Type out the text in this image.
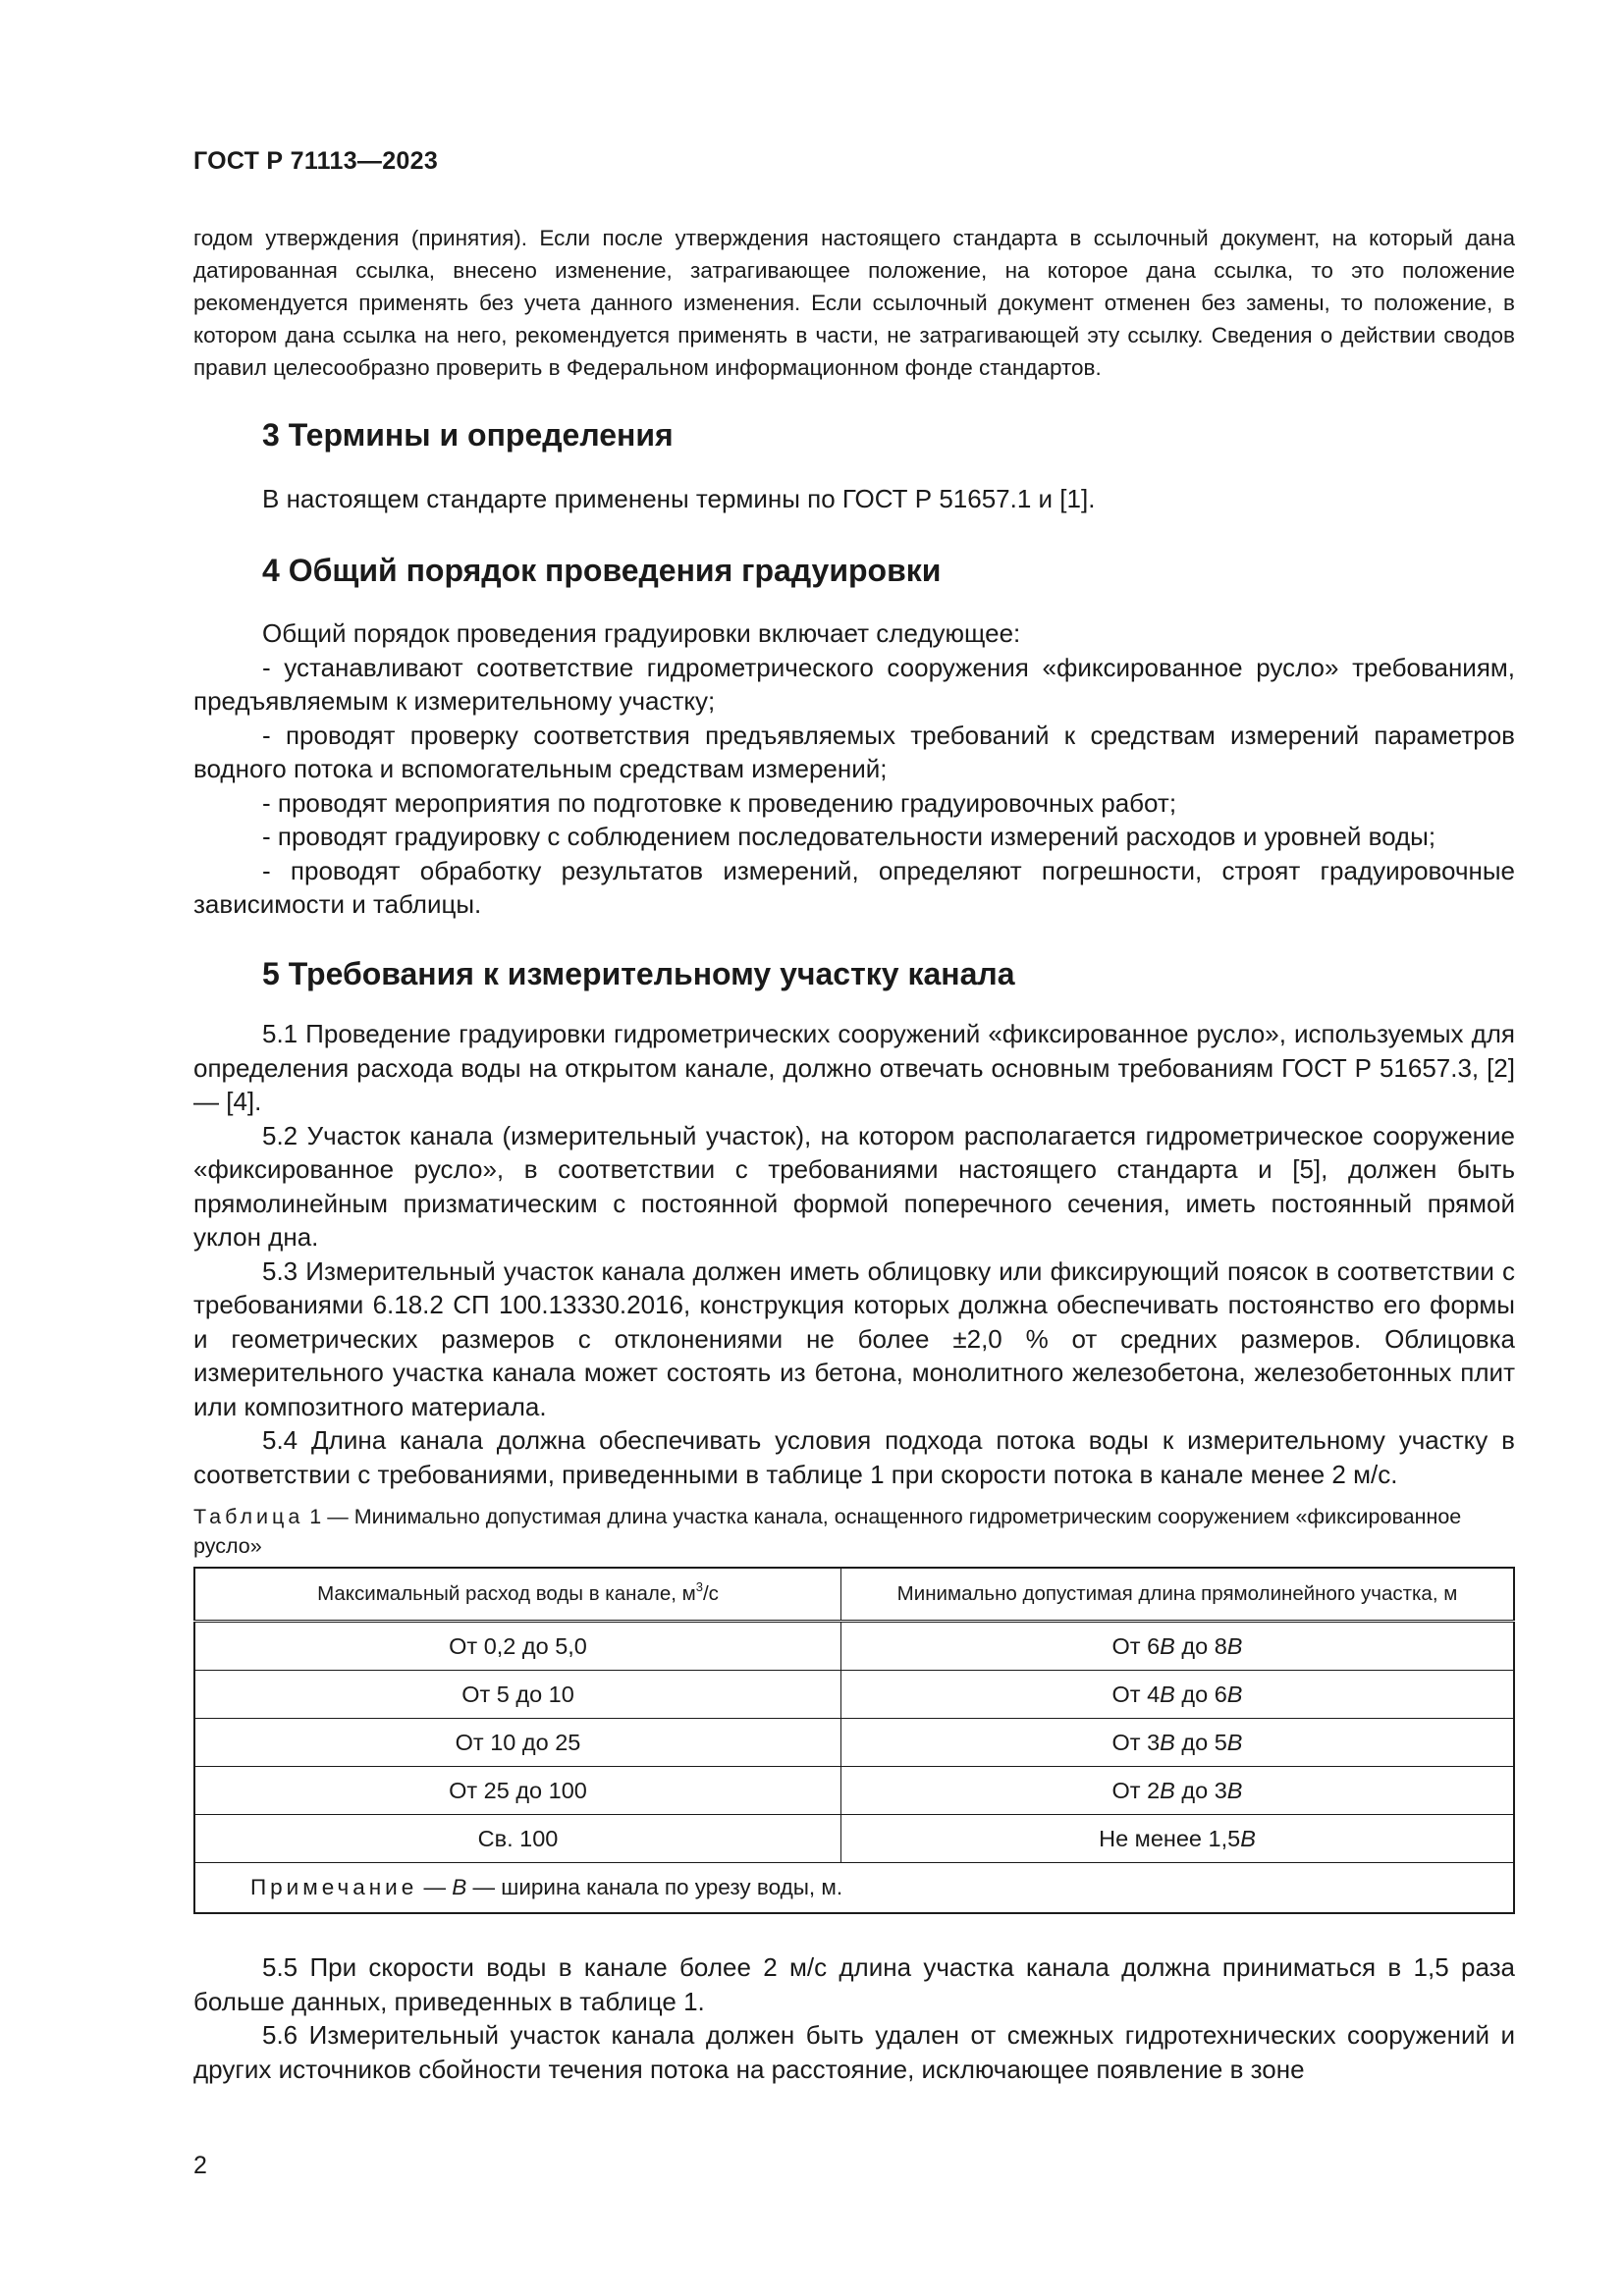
ГОСТ Р 71113—2023

годом утверждения (принятия). Если после утверждения настоящего стандарта в ссылочный документ, на который дана датированная ссылка, внесено изменение, затрагивающее положение, на которое дана ссылка, то это положение рекомендуется применять без учета данного изменения. Если ссылочный документ отменен без замены, то положение, в котором дана ссылка на него, рекомендуется применять в части, не затрагивающей эту ссылку. Сведения о действии сводов правил целесообразно проверить в Федеральном информационном фонде стандартов.

3 Термины и определения

В настоящем стандарте применены термины по ГОСТ Р 51657.1 и [1].

4 Общий порядок проведения градуировки

Общий порядок проведения градуировки включает следующее:

- устанавливают соответствие гидрометрического сооружения «фиксированное русло» требованиям, предъявляемым к измерительному участку;

- проводят проверку соответствия предъявляемых требований к средствам измерений параметров водного потока и вспомогательным средствам измерений;

- проводят мероприятия по подготовке к проведению градуировочных работ;

- проводят градуировку с соблюдением последовательности измерений расходов и уровней воды;

- проводят обработку результатов измерений, определяют погрешности, строят градуировочные зависимости и таблицы.

5 Требования к измерительному участку канала

5.1 Проведение градуировки гидрометрических сооружений «фиксированное русло», используемых для определения расхода воды на открытом канале, должно отвечать основным требованиям ГОСТ Р 51657.3, [2] — [4].

5.2 Участок канала (измерительный участок), на котором располагается гидрометрическое сооружение «фиксированное русло», в соответствии с требованиями настоящего стандарта и [5], должен быть прямолинейным призматическим с постоянной формой поперечного сечения, иметь постоянный прямой уклон дна.

5.3 Измерительный участок канала должен иметь облицовку или фиксирующий поясок в соответствии с требованиями 6.18.2 СП 100.13330.2016, конструкция которых должна обеспечивать постоянство его формы и геометрических размеров с отклонениями не более ±2,0 % от средних размеров. Облицовка измерительного участка канала может состоять из бетона, монолитного железобетона, железобетонных плит или композитного материала.

5.4 Длина канала должна обеспечивать условия подхода потока воды к измерительному участку в соответствии с требованиями, приведенными в таблице 1 при скорости потока в канале менее 2 м/с.

Таблица 1 — Минимально допустимая длина участка канала, оснащенного гидрометрическим сооружением «фиксированное русло»
Максимальный расход воды в канале, $м^3/с$	Минимально допустимая длина прямолинейного участка, м
От 0,2 до 5,0	От 6B до 8B
От 5 до 10	От 4B до 6B
От 10 до 25	От 3B до 5B
От 25 до 100	От 2B до 3B
Св. 100	Не менее 1,5B
Примечание — B — ширина канала по урезу воды, м.	

5.5 При скорости воды в канале более 2 м/с длина участка канала должна приниматься в 1,5 раза больше данных, приведенных в таблице 1.

5.6 Измерительный участок канала должен быть удален от смежных гидротехнических сооружений и других источников сбойности течения потока на расстояние, исключающее появление в зоне

2
